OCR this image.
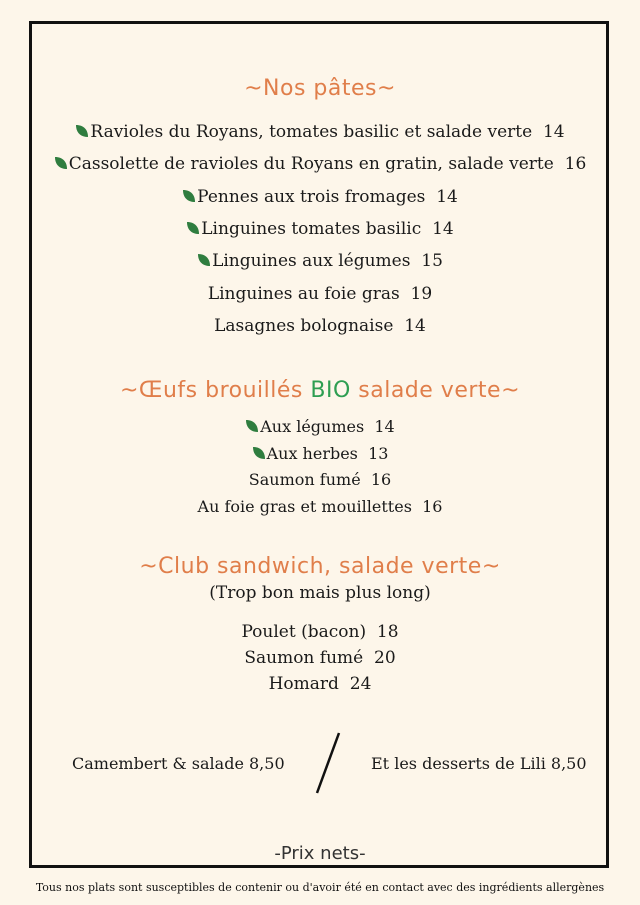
~Nos pâtes~
Ravioles du Royans, tomates basilic et salade verte 14
Cassolette de ravioles du Royans en gratin, salade verte 16
Pennes aux trois fromages 14
Linguines tomates basilic 14
Linguines aux légumes 15
Linguines au foie gras 19
Lasagnes bolognaise 14
~Œufs brouillés BIO salade verte~
Aux légumes 14
Aux herbes 13
Saumon fumé 16
Au foie gras et mouillettes 16
~Club sandwich, salade verte~
(Trop bon mais plus long)
Poulet (bacon) 18
Saumon fumé 20
Homard 24
Camembert & salade 8,50	Et les desserts de Lili 8,50
-Prix nets-
Tous nos plats sont susceptibles de contenir ou d'avoir été en contact avec des ingrédients allergènes
